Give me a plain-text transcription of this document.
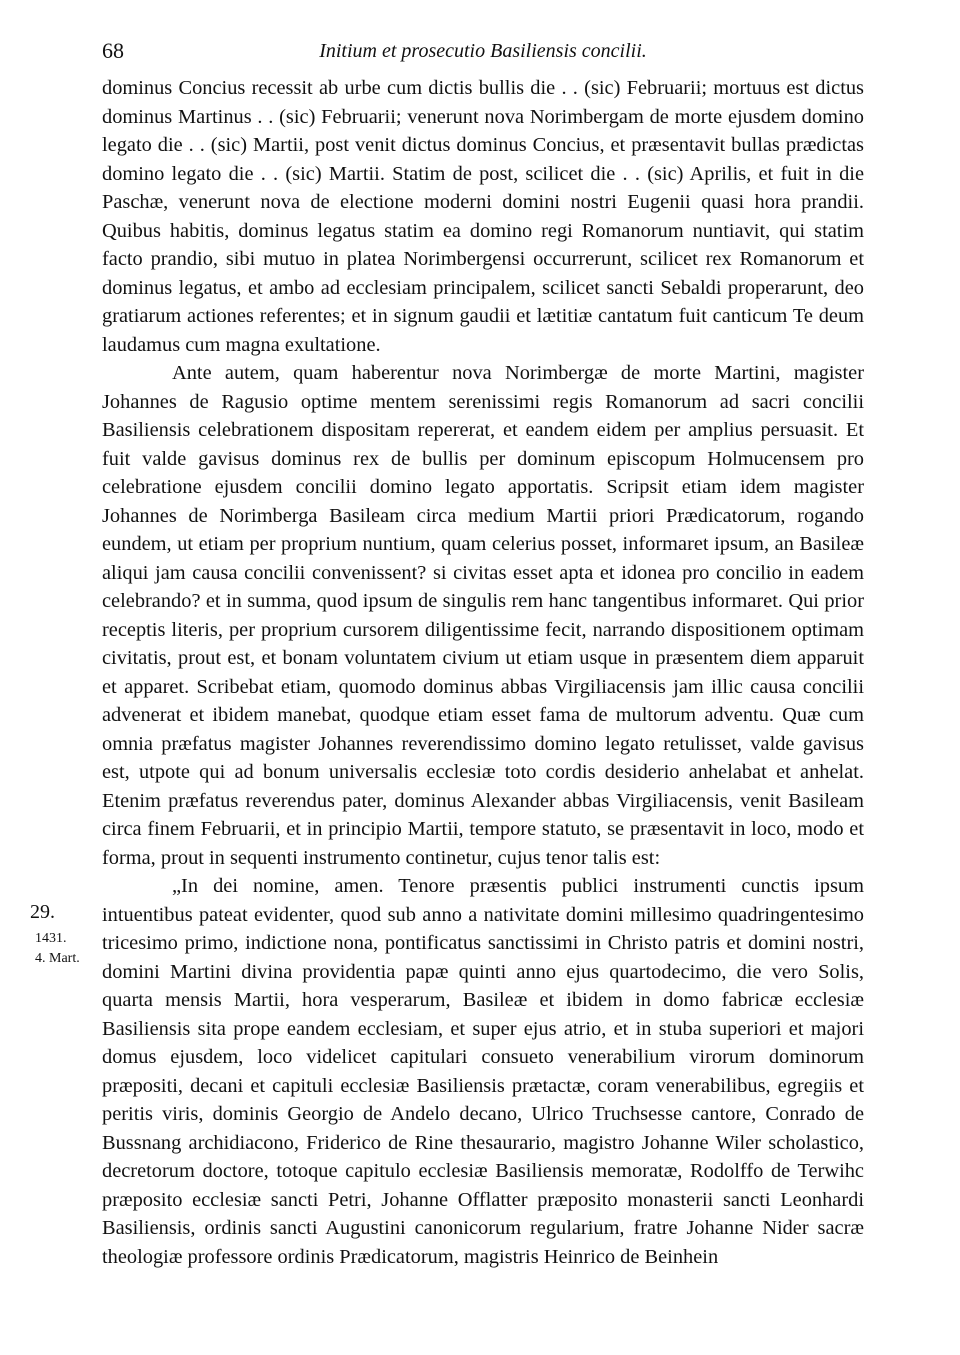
68	Initium et prosecutio Basiliensis concilii.
29.
1431.
4. Mart.

dominus Concius recessit ab urbe cum dictis bullis die . . (sic) Februarii; mortuus est dictus dominus Martinus . . (sic) Februarii; venerunt nova Norimbergam de morte ejusdem domino legato die . . (sic) Martii, post venit dictus dominus Concius, et præsentavit bullas prædictas domino legato die . . (sic) Martii. Statim de post, scilicet die . . (sic) Aprilis, et fuit in die Paschæ, venerunt nova de electione moderni domini nostri Eugenii quasi hora prandii. Quibus habitis, dominus legatus statim ea domino regi Romanorum nuntiavit, qui statim facto prandio, sibi mutuo in platea Norimbergensi occurrerunt, scilicet rex Romanorum et dominus legatus, et ambo ad ecclesiam principalem, scilicet sancti Sebaldi properarunt, deo gratiarum actiones referentes; et in signum gaudii et lætitiæ cantatum fuit canticum Te deum laudamus cum magna exultatione.

Ante autem, quam haberentur nova Norimbergæ de morte Martini, magister Johannes de Ragusio optime mentem serenissimi regis Romanorum ad sacri concilii Basiliensis celebrationem dispositam repererat, et eandem eidem per amplius persuasit. Et fuit valde gavisus dominus rex de bullis per dominum episcopum Holmucensem pro celebratione ejusdem concilii domino legato apportatis. Scripsit etiam idem magister Johannes de Norimberga Basileam circa medium Martii priori Prædicatorum, rogando eundem, ut etiam per proprium nuntium, quam celerius posset, informaret ipsum, an Basileæ aliqui jam causa concilii convenissent? si civitas esset apta et idonea pro concilio in eadem celebrando? et in summa, quod ipsum de singulis rem hanc tangentibus informaret. Qui prior receptis literis, per proprium cursorem diligentissime fecit, narrando dispositionem optimam civitatis, prout est, et bonam voluntatem civium ut etiam usque in præsentem diem apparuit et apparet. Scribebat etiam, quomodo dominus abbas Virgiliacensis jam illic causa concilii advenerat et ibidem manebat, quodque etiam esset fama de multorum adventu. Quæ cum omnia præfatus magister Johannes reverendissimo domino legato retulisset, valde gavisus est, utpote qui ad bonum universalis ecclesiæ toto cordis desiderio anhelabat et anhelat. Etenim præfatus reverendus pater, dominus Alexander abbas Virgiliacensis, venit Basileam circa finem Februarii, et in principio Martii, tempore statuto, se præsentavit in loco, modo et forma, prout in sequenti instrumento continetur, cujus tenor talis est:

„In dei nomine, amen. Tenore præsentis publici instrumenti cunctis ipsum intuentibus pateat evidenter, quod sub anno a nativitate domini millesimo quadringentesimo tricesimo primo, indictione nona, pontificatus sanctissimi in Christo patris et domini nostri, domini Martini divina providentia papæ quinti anno ejus quartodecimo, die vero Solis, quarta mensis Martii, hora vesperarum, Basileæ et ibidem in domo fabricæ ecclesiæ Basiliensis sita prope eandem ecclesiam, et super ejus atrio, et in stuba superiori et majori domus ejusdem, loco videlicet capitulari consueto venerabilium virorum dominorum præpositi, decani et capituli ecclesiæ Basiliensis prætactæ, coram venerabilibus, egregiis et peritis viris, dominis Georgio de Andelo decano, Ulrico Truchsesse cantore, Conrado de Bussnang archidiacono, Friderico de Rine thesaurario, magistro Johanne Wiler scholastico, decretorum doctore, totoque capitulo ecclesiæ Basiliensis memoratæ, Rodolffo de Terwihc præposito ecclesiæ sancti Petri, Johanne Offlatter præposito monasterii sancti Leonhardi Basiliensis, ordinis sancti Augustini canonicorum regularium, fratre Johanne Nider sacræ theologiæ professore ordinis Prædicatorum, magistris Heinrico de Beinhein
